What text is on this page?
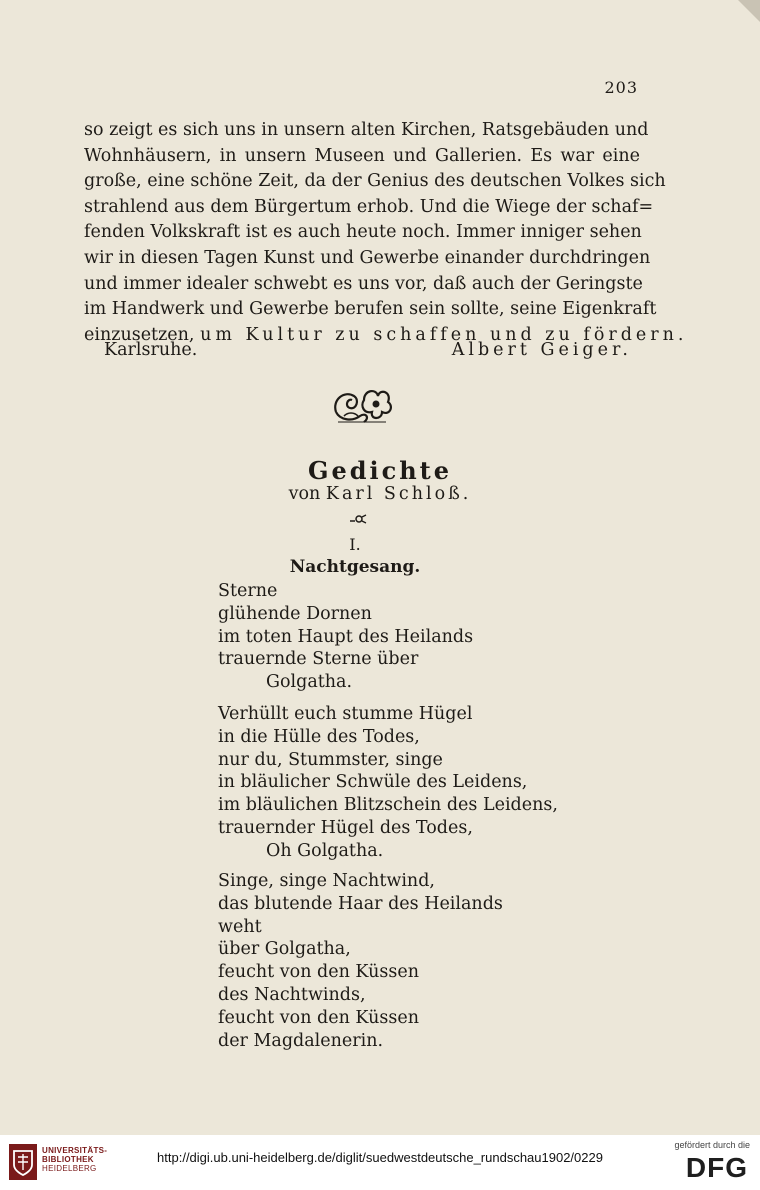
203
so zeigt es sich uns in unsern alten Kirchen, Ratsgebäuden und
Wohnhäusern, in unsern Museen und Gallerien. Es war eine
große, eine schöne Zeit, da der Genius des deutschen Volkes sich
strahlend aus dem Bürgertum erhob. Und die Wiege der schaf=
fenden Volkskraft ist es auch heute noch. Immer inniger sehen
wir in diesen Tagen Kunst und Gewerbe einander durchdringen
und immer idealer schwebt es uns vor, daß auch der Geringste
im Handwerk und Gewerbe berufen sein sollte, seine Eigenkraft
einzusetzen, um Kultur zu schaffen und zu fördern.
Karlsruhe.	Albert Geiger.
Gedichte
von Karl Schloß.
I.
Nachtgesang.
Sterne
glühende Dornen
im toten Haupt des Heilands
trauernde Sterne über
Golgatha.
Verhüllt euch stumme Hügel
in die Hülle des Todes,
nur du, Stummster, singe
in bläulicher Schwüle des Leidens,
im bläulichen Blitzschein des Leidens,
trauernder Hügel des Todes,
Oh Golgatha.
Singe, singe Nachtwind,
das blutende Haar des Heilands
weht
über Golgatha,
feucht von den Küssen
des Nachtwinds,
feucht von den Küssen
der Magdalenerin.
UNIVERSITÄTS-
BIBLIOTHEK
HEIDELBERG
http://digi.ub.uni-heidelberg.de/diglit/suedwestdeutsche_rundschau1902/0229
gefördert durch die
DFG
